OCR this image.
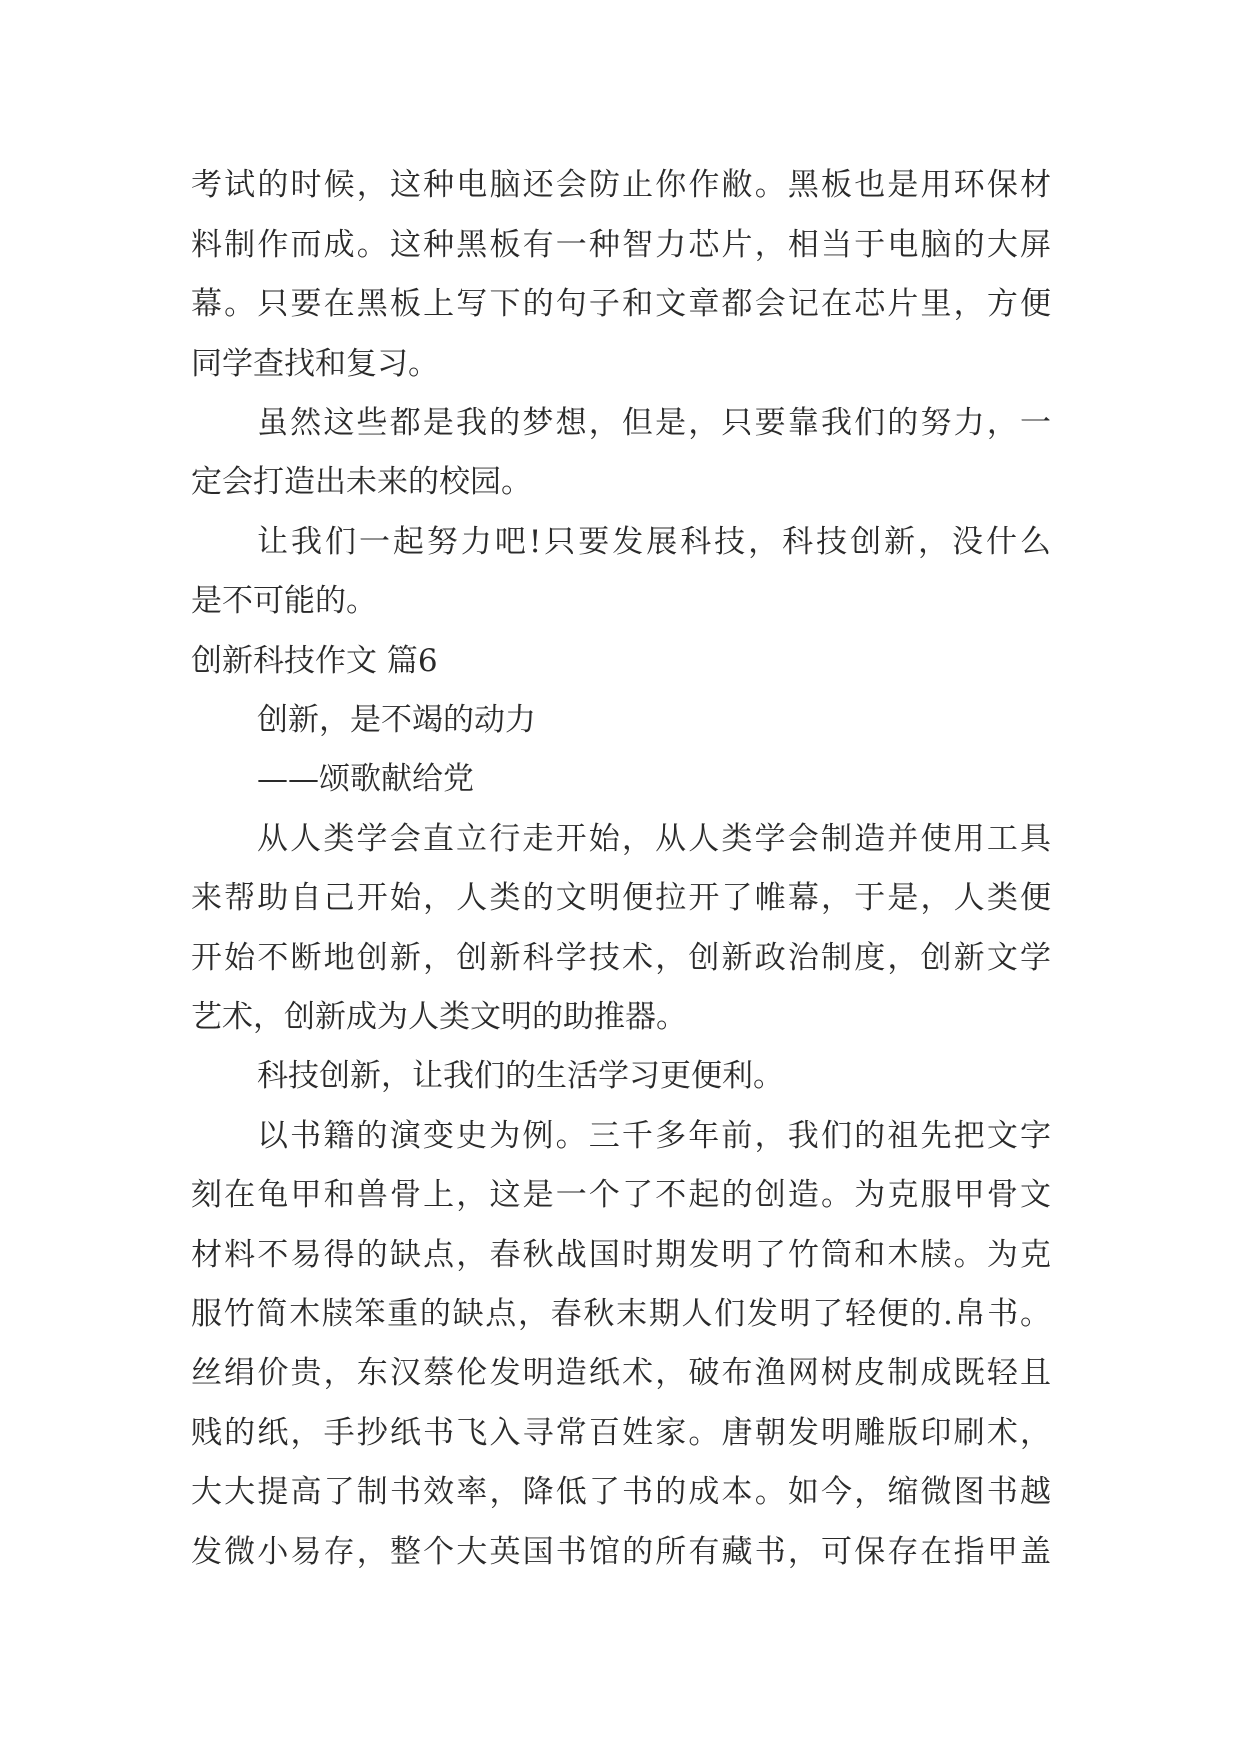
考试的时候，这种电脑还会防止你作敝。黑板也是用环保材
料制作而成。这种黑板有一种智力芯片，相当于电脑的大屏
幕。只要在黑板上写下的句子和文章都会记在芯片里，方便
同学查找和复习。
虽然这些都是我的梦想，但是，只要靠我们的努力，一
定会打造出未来的校园。
让我们一起努力吧!只要发展科技，科技创新，没什么
是不可能的。
创新科技作文 篇6
创新，是不竭的动力
——颂歌献给党
从人类学会直立行走开始，从人类学会制造并使用工具
来帮助自己开始，人类的文明便拉开了帷幕，于是，人类便
开始不断地创新，创新科学技术，创新政治制度，创新文学
艺术，创新成为人类文明的助推器。
科技创新，让我们的生活学习更便利。
以书籍的演变史为例。三千多年前，我们的祖先把文字
刻在龟甲和兽骨上，这是一个了不起的创造。为克服甲骨文
材料不易得的缺点，春秋战国时期发明了竹筒和木牍。为克
服竹简木牍笨重的缺点，春秋末期人们发明了轻便的.帛书。
丝绢价贵，东汉蔡伦发明造纸术，破布渔网树皮制成既轻且
贱的纸，手抄纸书飞入寻常百姓家。唐朝发明雕版印刷术，
大大提高了制书效率，降低了书的成本。如今，缩微图书越
发微小易存，整个大英国书馆的所有藏书，可保存在指甲盖
